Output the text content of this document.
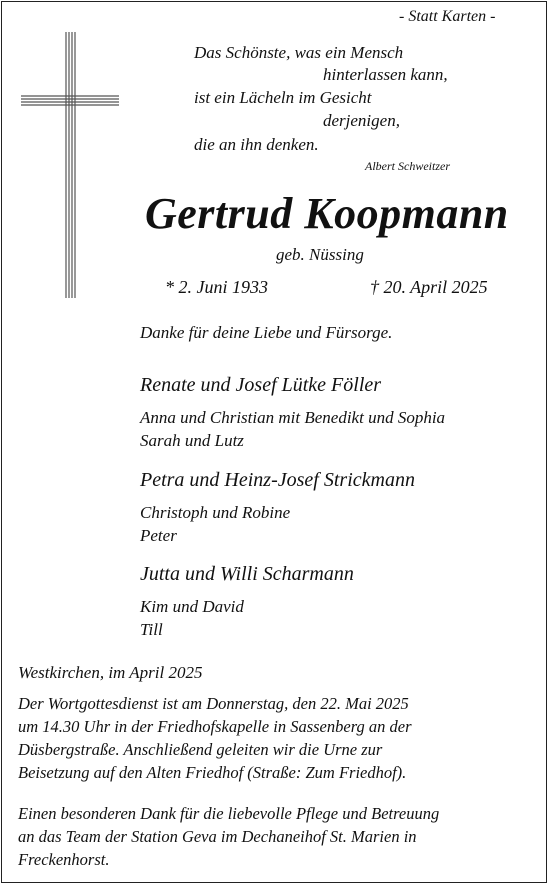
- Statt Karten -
Das Schönste, was ein Mensch
hinterlassen kann,
ist ein Lächeln im Gesicht
derjenigen,
die an ihn denken.
Albert Schweitzer
Gertrud Koopmann
geb. Nüssing
* 2. Juni 1933	† 20. April 2025
Danke für deine Liebe und Fürsorge.
Renate und Josef Lütke Föller
Anna und Christian mit Benedikt und Sophia
Sarah und Lutz
Petra und Heinz-Josef Strickmann
Christoph und Robine
Peter
Jutta und Willi Scharmann
Kim und David
Till
Westkirchen, im April 2025
Der Wortgottesdienst ist am Donnerstag, den 22. Mai 2025
um 14.30 Uhr in der Friedhofskapelle in Sassenberg an der
Düsbergstraße. Anschließend geleiten wir die Urne zur
Beisetzung auf den Alten Friedhof (Straße: Zum Friedhof).
Einen besonderen Dank für die liebevolle Pflege und Betreuung
an das Team der Station Geva im Dechaneihof St. Marien in
Freckenhorst.
